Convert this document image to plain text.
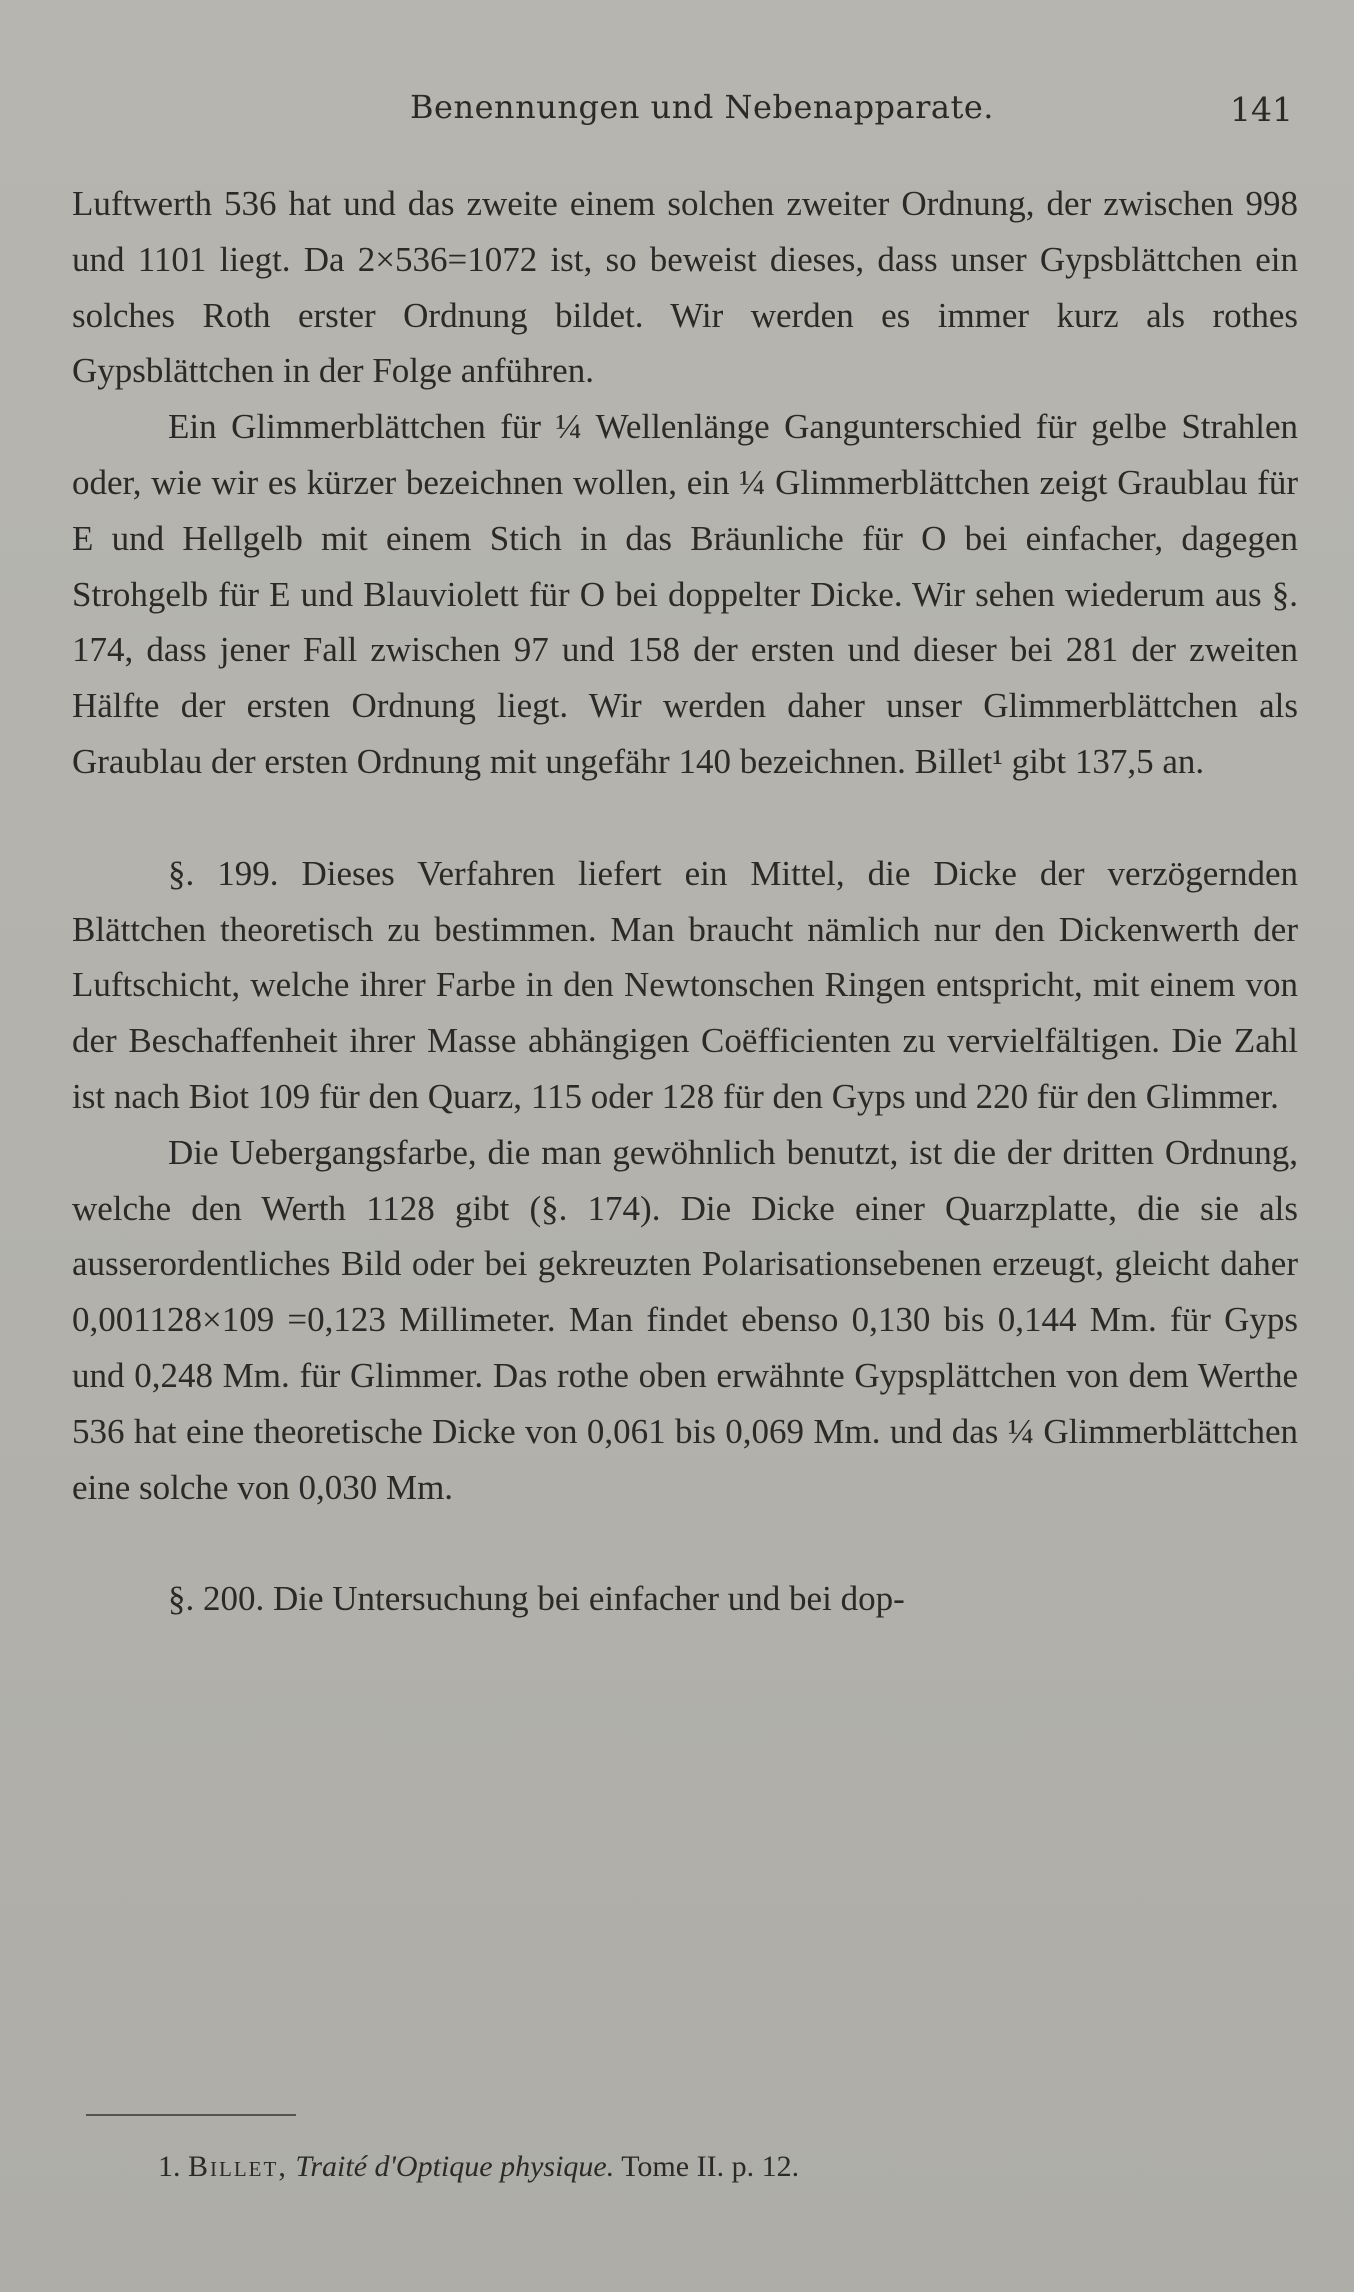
Benennungen und Nebenapparate.	141

Luftwerth 536 hat und das zweite einem solchen zweiter Ordnung, der zwischen 998 und 1101 liegt. Da 2×536=1072 ist, so beweist dieses, dass unser Gypsblättchen ein solches Roth erster Ordnung bildet. Wir werden es immer kurz als rothes Gypsblättchen in der Folge anführen.

Ein Glimmerblättchen für ¼ Wellenlänge Gangunterschied für gelbe Strahlen oder, wie wir es kürzer bezeichnen wollen, ein ¼ Glimmerblättchen zeigt Graublau für E und Hellgelb mit einem Stich in das Bräunliche für O bei einfacher, dagegen Strohgelb für E und Blauviolett für O bei doppelter Dicke. Wir sehen wiederum aus §. 174, dass jener Fall zwischen 97 und 158 der ersten und dieser bei 281 der zweiten Hälfte der ersten Ordnung liegt. Wir werden daher unser Glimmerblättchen als Graublau der ersten Ordnung mit ungefähr 140 bezeichnen. Billet¹ gibt 137,5 an.

§. 199. Dieses Verfahren liefert ein Mittel, die Dicke der verzögernden Blättchen theoretisch zu bestimmen. Man braucht nämlich nur den Dickenwerth der Luftschicht, welche ihrer Farbe in den Newtonschen Ringen entspricht, mit einem von der Beschaffenheit ihrer Masse abhängigen Coëfficienten zu vervielfältigen. Die Zahl ist nach Biot 109 für den Quarz, 115 oder 128 für den Gyps und 220 für den Glimmer.

Die Uebergangsfarbe, die man gewöhnlich benutzt, ist die der dritten Ordnung, welche den Werth 1128 gibt (§. 174). Die Dicke einer Quarzplatte, die sie als ausserordentliches Bild oder bei gekreuzten Polarisationsebenen erzeugt, gleicht daher 0,001128×109 =0,123 Millimeter. Man findet ebenso 0,130 bis 0,144 Mm. für Gyps und 0,248 Mm. für Glimmer. Das rothe oben erwähnte Gypsplättchen von dem Werthe 536 hat eine theoretische Dicke von 0,061 bis 0,069 Mm. und das ¼ Glimmerblättchen eine solche von 0,030 Mm.

§. 200. Die Untersuchung bei einfacher und bei dop-

1. Billet, Traité d'Optique physique. Tome II. p. 12.
